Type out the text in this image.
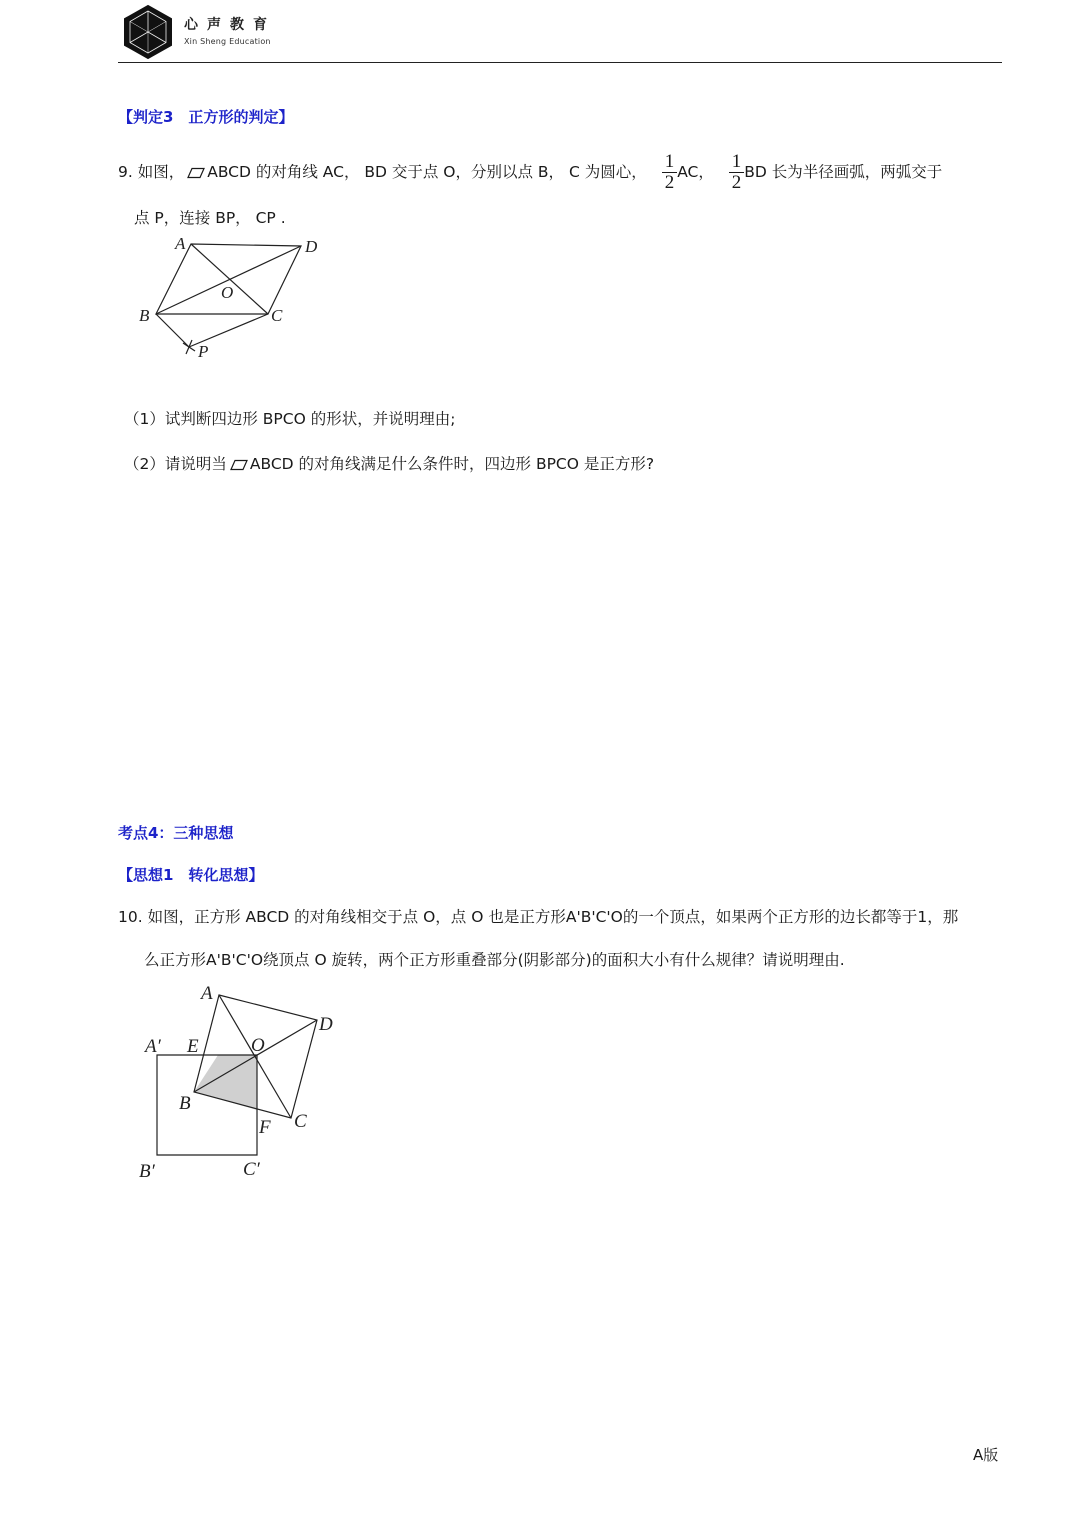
心声教育
Xin Sheng Education
【判定3　正方形的判定】
9. 如图， ABCD 的对角线 AC， BD 交于点 O，分别以点 B， C 为圆心， $\frac{1}{2}$ AC， $\frac{1}{2}$ BD 长为半径画弧，两弧交于
点 P，连接 BP， CP .
A	D
O
B	C
P
（1）试判断四边形 BPCO 的形状，并说明理由;
（2）请说明当 ABCD 的对角线满足什么条件时，四边形 BPCO 是正方形?
考点4：三种思想
【思想1　转化思想】
10. 如图，正方形 ABCD 的对角线相交于点 O，点 O 也是正方形A'B'C'O的一个顶点，如果两个正方形的边长都等于1，那
么正方形A'B'C'O绕顶点 O 旋转，两个正方形重叠部分(阴影部分)的面积大小有什么规律？请说明理由.
A
D
O
E
A′
B
F C
B′	C′
A版
